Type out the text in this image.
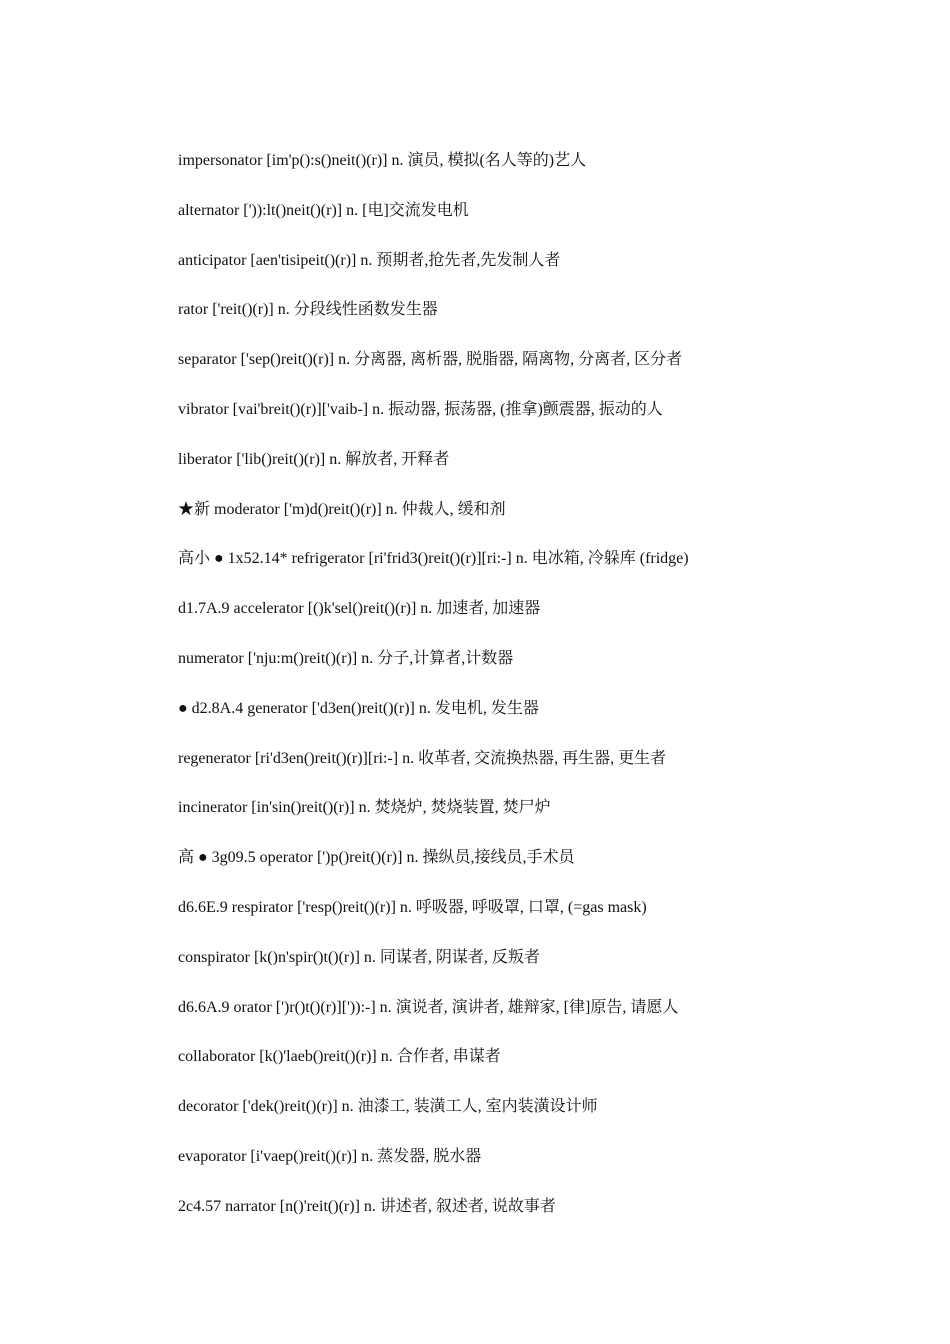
impersonator [im'p():s()neit()(r)] n. 演员, 模拟(名人等的)艺人
alternator [')):lt()neit()(r)] n. [电]交流发电机
anticipator [aen'tisipeit()(r)] n. 预期者,抢先者,先发制人者
rator ['reit()(r)] n. 分段线性函数发生器
separator ['sep()reit()(r)] n. 分离器, 离析器, 脱脂器, 隔离物, 分离者, 区分者
vibrator [vai'breit()(r)]['vaib-] n. 振动器, 振荡器, (推拿)颤震器, 振动的人
liberator ['lib()reit()(r)] n. 解放者, 开释者
★新 moderator ['m)d()reit()(r)] n. 仲裁人, 缓和剂
高小 ● 1x52.14* refrigerator [ri'frid3()reit()(r)][ri:-] n. 电冰箱, 冷躲库 (fridge)
d1.7A.9 accelerator [()k'sel()reit()(r)] n. 加速者, 加速器
numerator ['nju:m()reit()(r)] n. 分子,计算者,计数器
● d2.8A.4 generator ['d3en()reit()(r)] n. 发电机, 发生器
regenerator [ri'd3en()reit()(r)][ri:-] n. 收革者, 交流换热器, 再生器, 更生者
incinerator [in'sin()reit()(r)] n. 焚烧炉, 焚烧装置, 焚尸炉
高 ● 3g09.5 operator [')p()reit()(r)] n. 操纵员,接线员,手术员
d6.6E.9 respirator ['resp()reit()(r)] n. 呼吸器, 呼吸罩, 口罩, (=gas mask)
conspirator [k()n'spir()t()(r)] n. 同谋者, 阴谋者, 反叛者
d6.6A.9 orator [')r()t()(r)][')):-] n. 演说者, 演讲者, 雄辩家, [律]原告, 请愿人
collaborator [k()'laeb()reit()(r)] n. 合作者, 串谋者
decorator ['dek()reit()(r)] n. 油漆工, 装潢工人, 室内装潢设计师
evaporator [i'vaep()reit()(r)] n. 蒸发器, 脱水器
2c4.57 narrator [n()'reit()(r)] n. 讲述者, 叙述者, 说故事者
